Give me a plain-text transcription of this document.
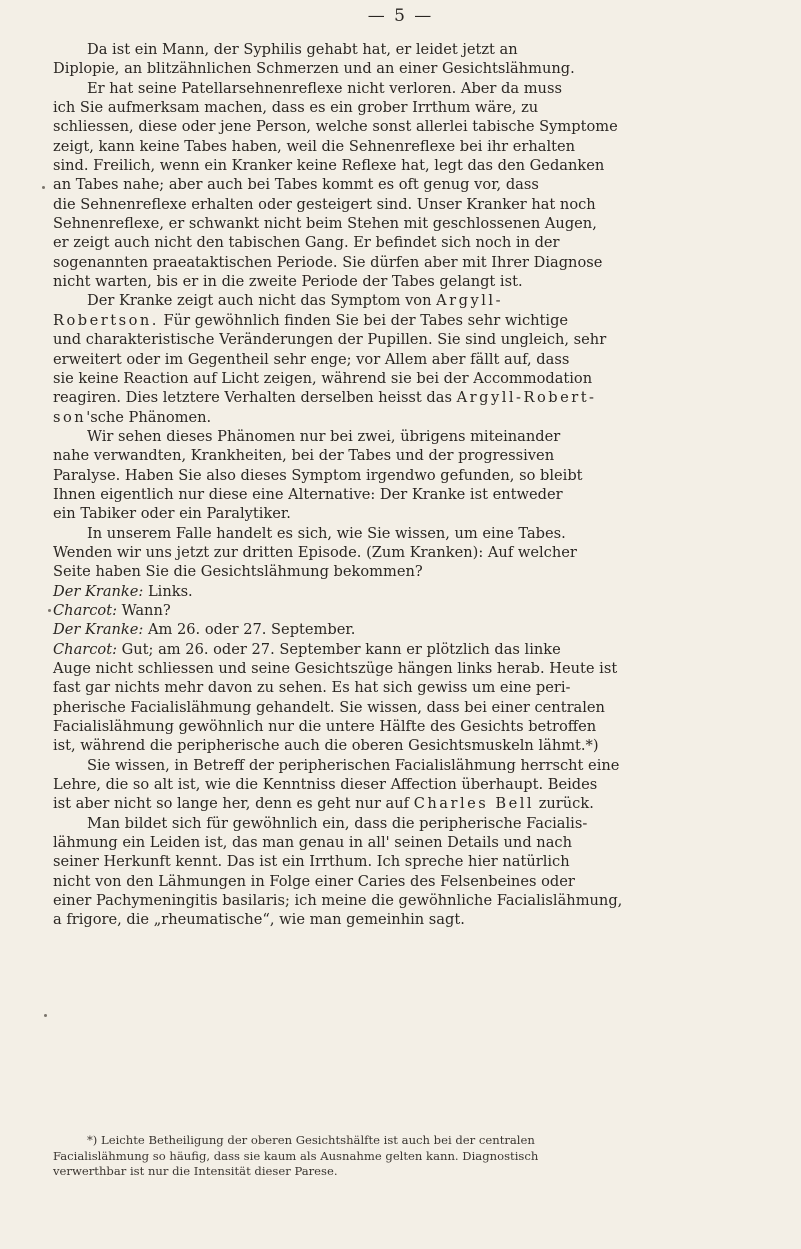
— 5 —
Da ist ein Mann, der Syphilis gehabt hat, er leidet jetzt an
Diplopie, an blitzähnlichen Schmerzen und an einer Gesichtslähmung.
Er hat seine Patellarsehnenreflexe nicht verloren. Aber da muss
ich Sie aufmerksam machen, dass es ein grober Irrthum wäre, zu
schliessen, diese oder jene Person, welche sonst allerlei tabische Symptome
zeigt, kann keine Tabes haben, weil die Sehnenreflexe bei ihr erhalten
sind. Freilich, wenn ein Kranker keine Reflexe hat, legt das den Gedanken
an Tabes nahe; aber auch bei Tabes kommt es oft genug vor, dass
die Sehnenreflexe erhalten oder gesteigert sind. Unser Kranker hat noch
Sehnenreflexe, er schwankt nicht beim Stehen mit geschlossenen Augen,
er zeigt auch nicht den tabischen Gang. Er befindet sich noch in der
sogenannten praeataktischen Periode. Sie dürfen aber mit Ihrer Diagnose
nicht warten, bis er in die zweite Periode der Tabes gelangt ist.
Der Kranke zeigt auch nicht das Symptom von Argyll-
Robertson. Für gewöhnlich finden Sie bei der Tabes sehr wichtige
und charakteristische Veränderungen der Pupillen. Sie sind ungleich, sehr
erweitert oder im Gegentheil sehr enge; vor Allem aber fällt auf, dass
sie keine Reaction auf Licht zeigen, während sie bei der Accommodation
reagiren. Dies letztere Verhalten derselben heisst das Argyll-Robert-
son'sche Phänomen.
Wir sehen dieses Phänomen nur bei zwei, übrigens miteinander
nahe verwandten, Krankheiten, bei der Tabes und der progressiven
Paralyse. Haben Sie also dieses Symptom irgendwo gefunden, so bleibt
Ihnen eigentlich nur diese eine Alternative: Der Kranke ist entweder
ein Tabiker oder ein Paralytiker.
In unserem Falle handelt es sich, wie Sie wissen, um eine Tabes.
Wenden wir uns jetzt zur dritten Episode. (Zum Kranken): Auf welcher
Seite haben Sie die Gesichtslähmung bekommen?
Der Kranke: Links.
Charcot: Wann?
Der Kranke: Am 26. oder 27. September.
Charcot: Gut; am 26. oder 27. September kann er plötzlich das linke
Auge nicht schliessen und seine Gesichtszüge hängen links herab. Heute ist
fast gar nichts mehr davon zu sehen. Es hat sich gewiss um eine peri-
pherische Facialislähmung gehandelt. Sie wissen, dass bei einer centralen
Facialislähmung gewöhnlich nur die untere Hälfte des Gesichts betroffen
ist, während die peripherische auch die oberen Gesichtsmuskeln lähmt.*)
Sie wissen, in Betreff der peripherischen Facialislähmung herrscht eine
Lehre, die so alt ist, wie die Kenntniss dieser Affection überhaupt. Beides
ist aber nicht so lange her, denn es geht nur auf Charles Bell zurück.
Man bildet sich für gewöhnlich ein, dass die peripherische Facialis-
lähmung ein Leiden ist, das man genau in all' seinen Details und nach
seiner Herkunft kennt. Das ist ein Irrthum. Ich spreche hier natürlich
nicht von den Lähmungen in Folge einer Caries des Felsenbeines oder
einer Pachymeningitis basilaris; ich meine die gewöhnliche Facialislähmung,
a frigore, die „rheumatische“, wie man gemeinhin sagt.
*) Leichte Betheiligung der oberen Gesichtshälfte ist auch bei der centralen
Facialislähmung so häufig, dass sie kaum als Ausnahme gelten kann. Diagnostisch
verwerthbar ist nur die Intensität dieser Parese.
